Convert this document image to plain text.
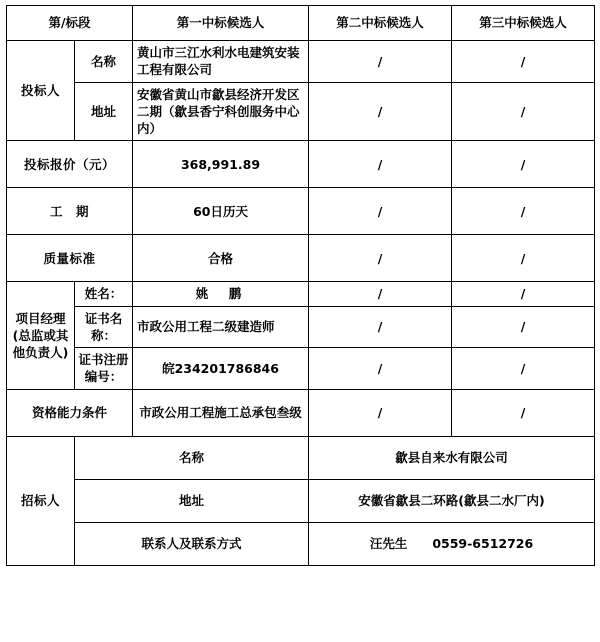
第/标段		第一中标候选人	第二中标候选人	第三中标候选人
投标人	名称	黄山市三江水利水电建筑安装工程有限公司	/	/
	地址	安徽省黄山市歙县经济开发区二期（歙县香宁科创服务中心内）	/	/
投标报价（元）		368,991.89	/	/
工　期		60日历天	/	/
质量标准		合格	/	/
项目经理(总监或其他负责人)	姓名：	姚　鹏	/	/
	证书名称：	市政公用工程二级建造师	/	/
	证书注册编号：	皖234201786846	/	/
资格能力条件		市政公用工程施工总承包叁级	/	/
招标人	名称		歙县自来水有限公司	
	地址		安徽省歙县二环路(歙县二水厂内)	
	联系人及联系方式		汪先生　　0559-6512726	
